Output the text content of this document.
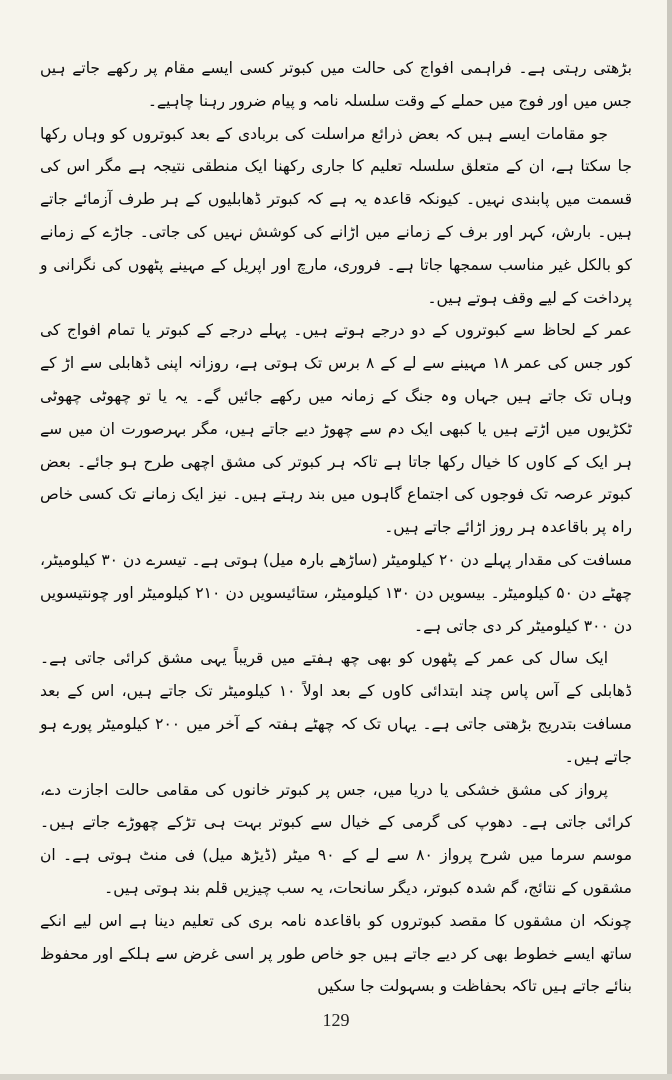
بڑھتی رہتی ہے۔ فراہمی افواج کی حالت میں کبوتر کسی ایسے مقام پر رکھے جاتے ہیں جس میں اور فوج میں حملے کے وقت سلسلہ نامہ و پیام ضرور رہنا چاہیے۔

جو مقامات ایسے ہیں کہ بعض ذرائع مراسلت کی بربادی کے بعد کبوتروں کو وہاں رکھا جا سکتا ہے، ان کے متعلق سلسلہ تعلیم کا جاری رکھنا ایک منطقی نتیجہ ہے مگر اس کی قسمت میں پابندی نہیں۔ کیونکہ قاعدہ یہ ہے کہ کبوتر ڈھابلیوں کے ہر طرف آزمائے جاتے ہیں۔ بارش، کہر اور برف کے زمانے میں اڑانے کی کوشش نہیں کی جاتی۔ جاڑے کے زمانے کو بالکل غیر مناسب سمجھا جاتا ہے۔ فروری، مارچ اور اپریل کے مہینے پٹھوں کی نگرانی و پرداخت کے لیے وقف ہوتے ہیں۔

عمر کے لحاظ سے کبوتروں کے دو درجے ہوتے ہیں۔ پہلے درجے کے کبوتر یا تمام افواج کی کور جس کی عمر ۱۸ مہینے سے لے کے ۸ برس تک ہوتی ہے، روزانہ اپنی ڈھابلی سے اڑ کے وہاں تک جاتے ہیں جہاں وہ جنگ کے زمانہ میں رکھے جائیں گے۔ یہ یا تو چھوٹی چھوٹی ٹکڑیوں میں اڑتے ہیں یا کبھی ایک دم سے چھوڑ دیے جاتے ہیں، مگر بہرصورت ان میں سے ہر ایک کے کاوں کا خیال رکھا جاتا ہے تاکہ ہر کبوتر کی مشق اچھی طرح ہو جائے۔ بعض کبوتر عرصہ تک فوجوں کی اجتماع گاہوں میں بند رہتے ہیں۔ نیز ایک زمانے تک کسی خاص راہ پر باقاعدہ ہر روز اڑائے جاتے ہیں۔

مسافت کی مقدار پہلے دن ۲۰ کیلومیٹر (ساڑھے بارہ میل) ہوتی ہے۔ تیسرے دن ۳۰ کیلومیٹر، چھٹے دن ۵۰ کیلومیٹر۔ بیسویں دن ۱۳۰ کیلومیٹر، ستائیسویں دن ۲۱۰ کیلومیٹر اور چونتیسویں دن ۳۰۰ کیلومیٹر کر دی جاتی ہے۔

ایک سال کی عمر کے پٹھوں کو بھی چھ ہفتے میں قریباً یہی مشق کرائی جاتی ہے۔ ڈھابلی کے آس پاس چند ابتدائی کاوں کے بعد اولاً ۱۰ کیلومیٹر تک جاتے ہیں، اس کے بعد مسافت بتدریج بڑھتی جاتی ہے۔ یہاں تک کہ چھٹے ہفتہ کے آخر میں ۲۰۰ کیلومیٹر پورے ہو جاتے ہیں۔

پرواز کی مشق خشکی یا دریا میں، جس پر کبوتر خانوں کی مقامی حالت اجازت دے، کرائی جاتی ہے۔ دھوپ کی گرمی کے خیال سے کبوتر بہت ہی تڑکے چھوڑے جاتے ہیں۔ موسم سرما میں شرح پرواز ۸۰ سے لے کے ۹۰ میٹر (ڈیڑھ میل) فی منٹ ہوتی ہے۔ ان مشقوں کے نتائج، گم شدہ کبوتر، دیگر سانحات، یہ سب چیزیں قلم بند ہوتی ہیں۔

چونکہ ان مشقوں کا مقصد کبوتروں کو باقاعدہ نامہ بری کی تعلیم دینا ہے اس لیے انکے ساتھ ایسے خطوط بھی کر دیے جاتے ہیں جو خاص طور پر اسی غرض سے ہلکے اور محفوظ بنائے جاتے ہیں تاکہ بحفاظت و بسہولت جا سکیں

129
